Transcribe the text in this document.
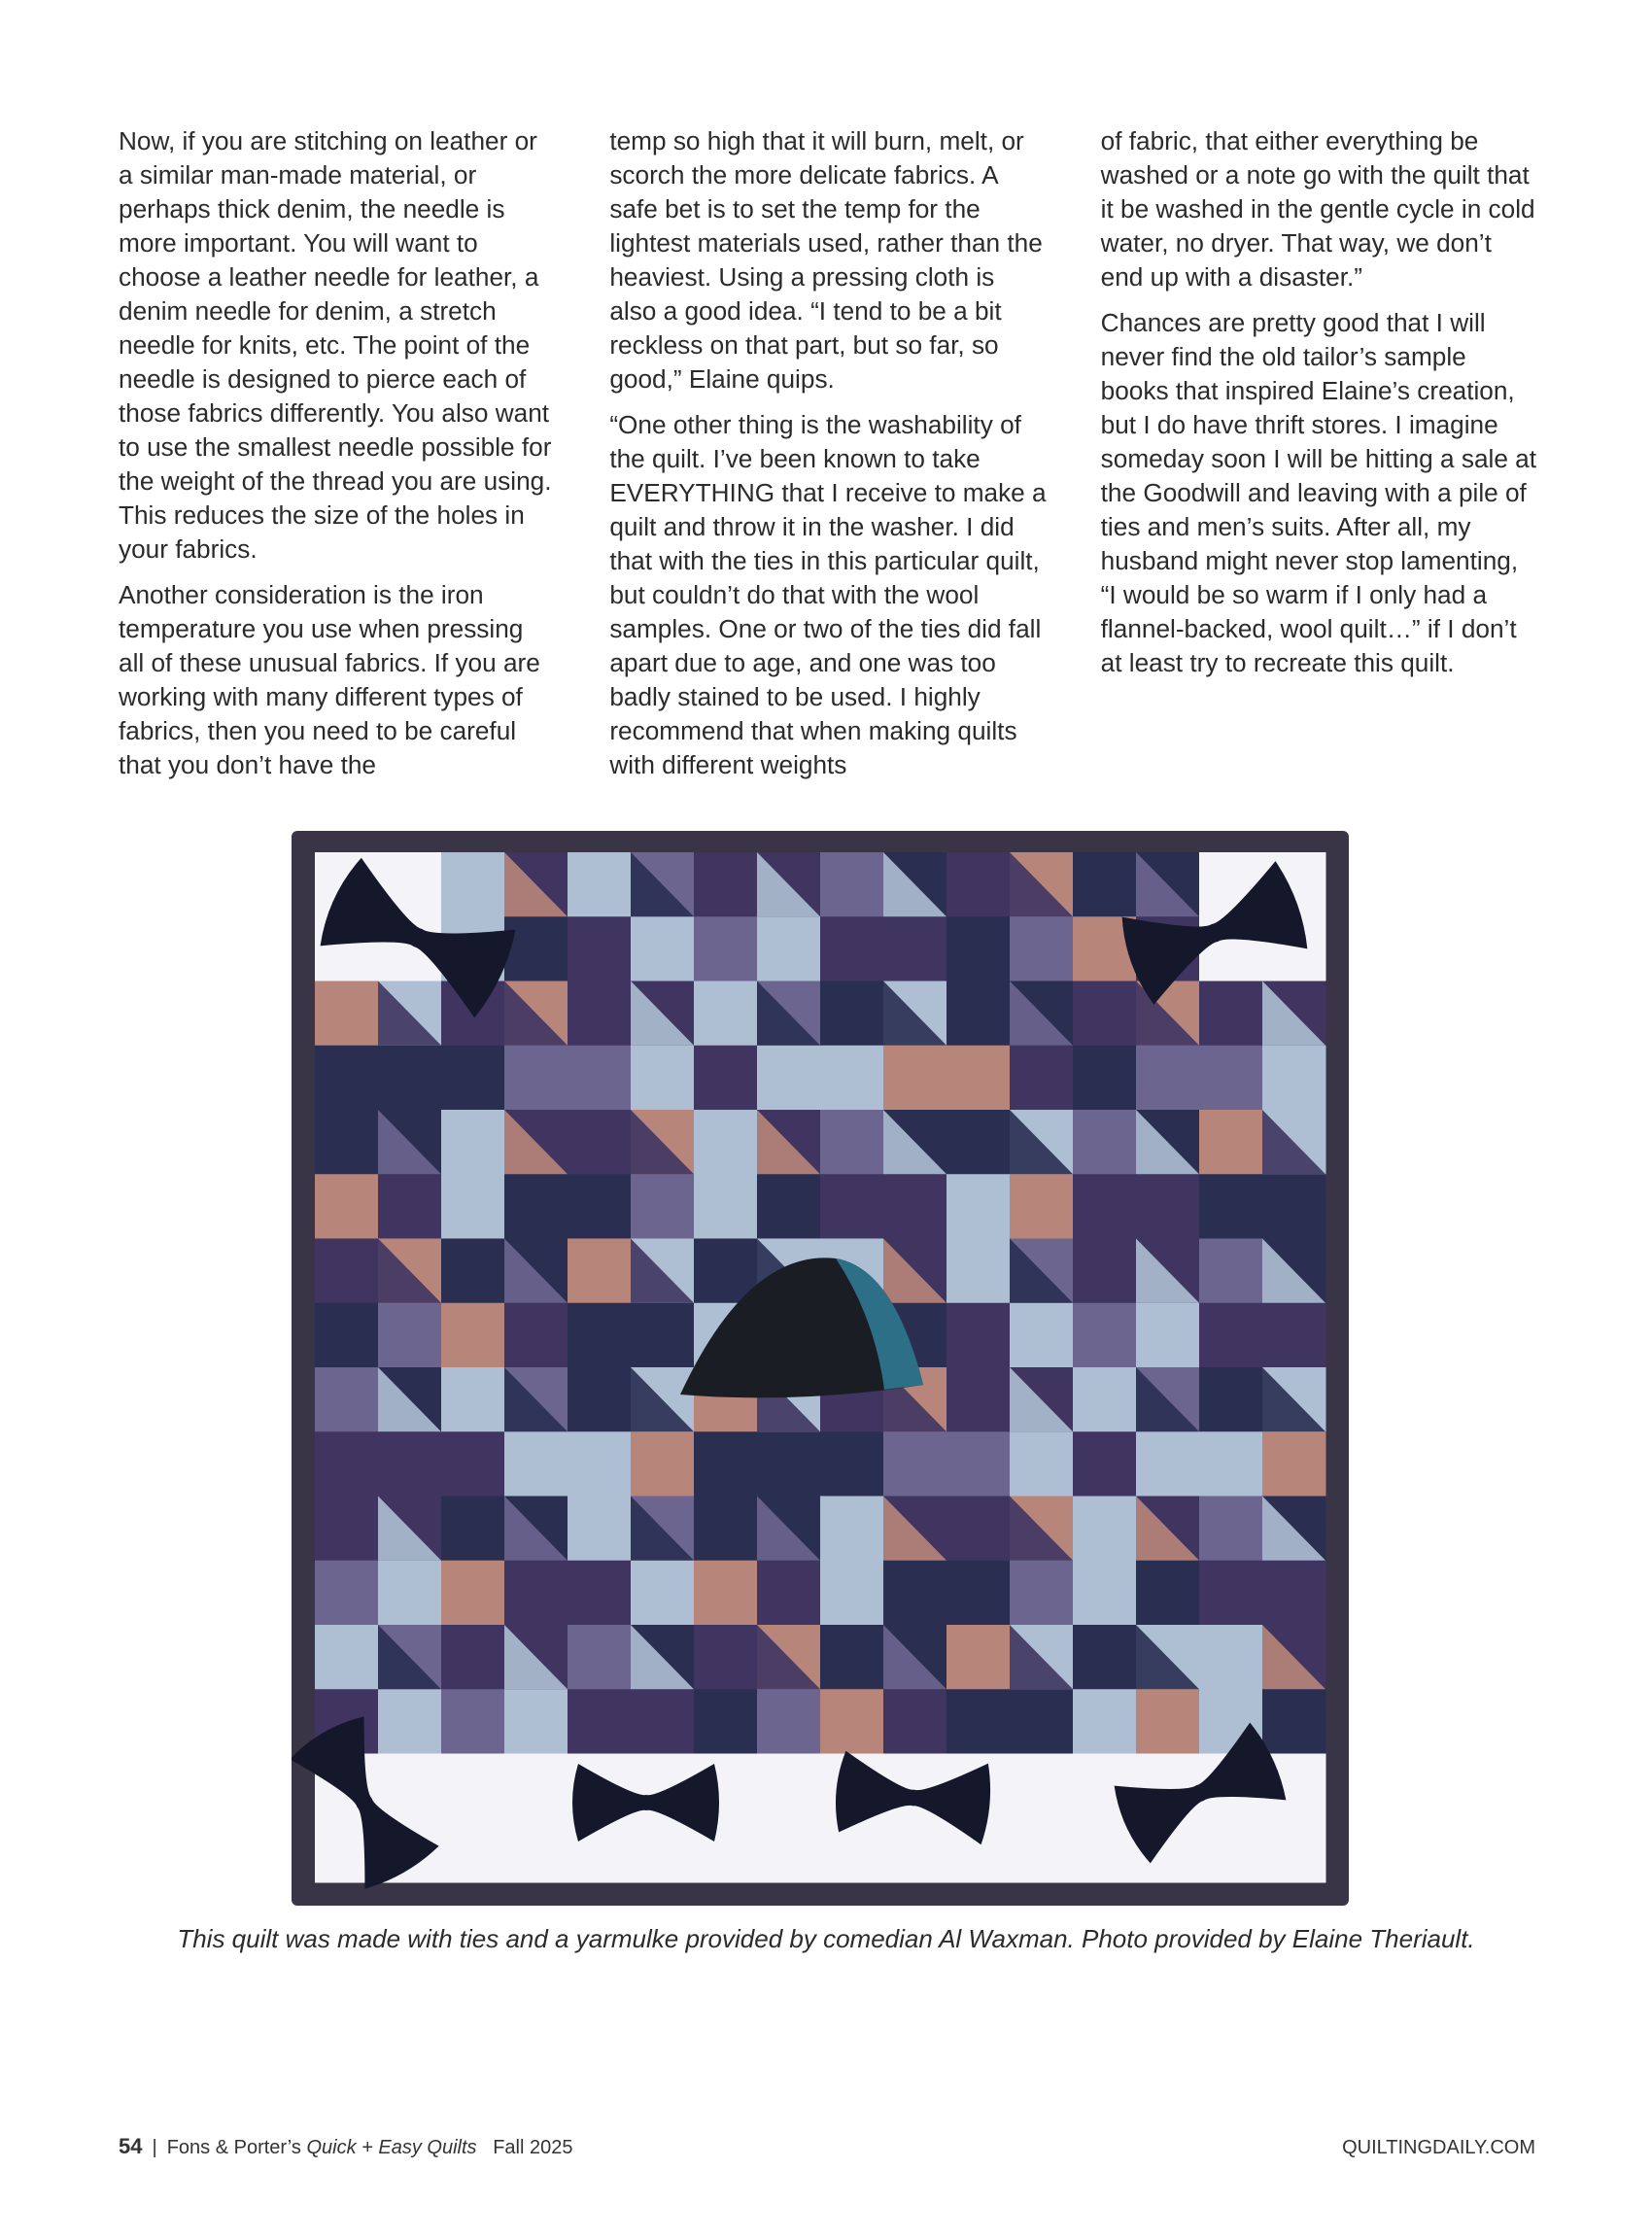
Now, if you are stitching on leather or a similar man-made material, or perhaps thick denim, the needle is more important. You will want to choose a leather needle for leather, a denim needle for denim, a stretch needle for knits, etc. The point of the needle is designed to pierce each of those fabrics differently. You also want to use the smallest needle possible for the weight of the thread you are using. This reduces the size of the holes in your fabrics.

Another consideration is the iron temperature you use when pressing all of these unusual fabrics. If you are working with many different types of fabrics, then you need to be careful that you don’t have the

temp so high that it will burn, melt, or scorch the more delicate fabrics. A safe bet is to set the temp for the lightest materials used, rather than the heaviest. Using a pressing cloth is also a good idea. “I tend to be a bit reckless on that part, but so far, so good,” Elaine quips.

“One other thing is the washability of the quilt. I’ve been known to take EVERYTHING that I receive to make a quilt and throw it in the washer. I did that with the ties in this particular quilt, but couldn’t do that with the wool samples. One or two of the ties did fall apart due to age, and one was too badly stained to be used. I highly recommend that when making quilts with different weights

of fabric, that either everything be washed or a note go with the quilt that it be washed in the gentle cycle in cold water, no dryer. That way, we don’t end up with a disaster.”

Chances are pretty good that I will never find the old tailor’s sample books that inspired Elaine’s creation, but I do have thrift stores. I imagine someday soon I will be hitting a sale at the Goodwill and leaving with a pile of ties and men’s suits. After all, my husband might never stop lamenting, “I would be so warm if I only had a flannel-backed, wool quilt…” if I don’t at least try to recreate this quilt.

This quilt was made with ties and a yarmulke provided by comedian Al Waxman. Photo provided by Elaine Theriault.
54 | Fons & Porter’s Quick + Easy Quilts Fall 2025	QUILTINGDAILY.COM
